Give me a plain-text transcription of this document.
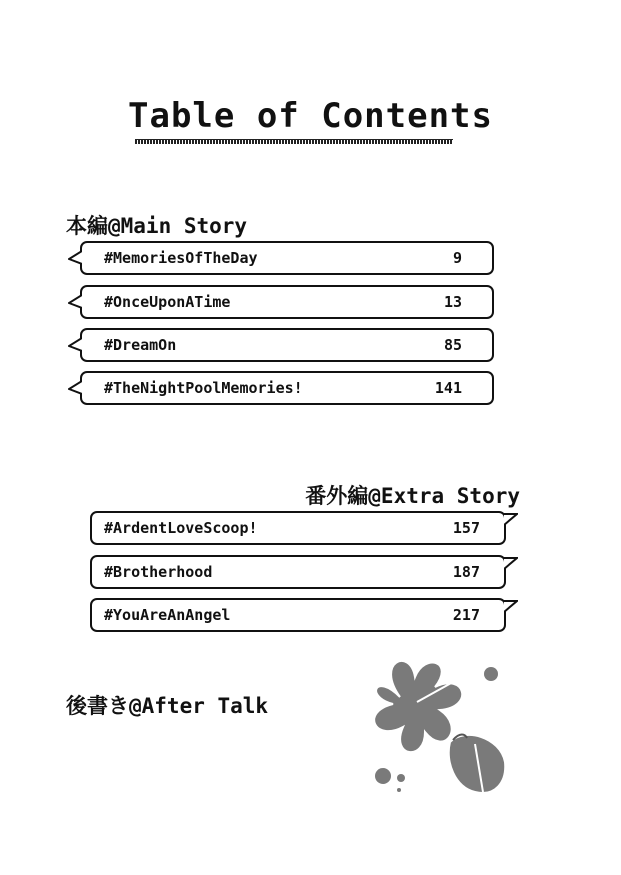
Table of Contents
本編@Main Story
#MemoriesOfTheDay	9
#OnceUponATime	13
#DreamOn	85
#TheNightPoolMemories!	141
番外編@Extra Story
#ArdentLoveScoop!	157
#Brotherhood	187
#YouAreAnAngel	217
後書き@After Talk
